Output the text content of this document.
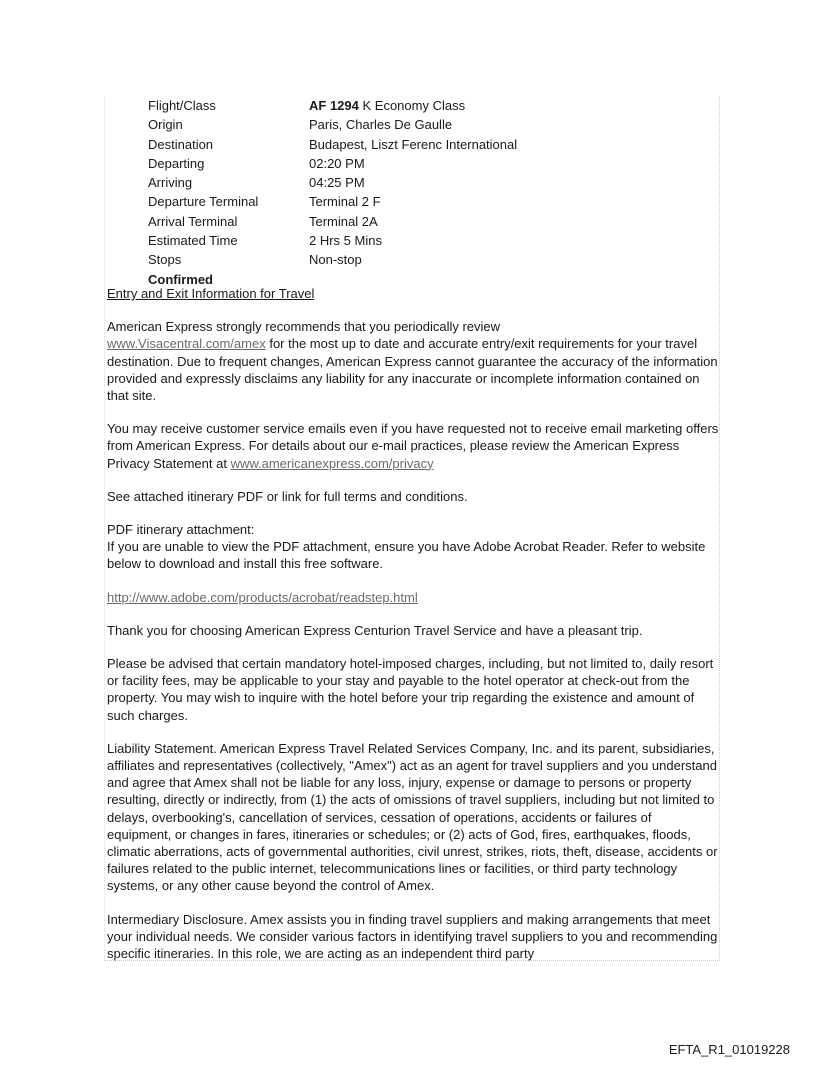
Flight/Class	AF 1294 K Economy Class
Origin	Paris, Charles De Gaulle
Destination	Budapest, Liszt Ferenc International
Departing	02:20 PM
Arriving	04:25 PM
Departure Terminal	Terminal 2 F
Arrival Terminal	Terminal 2A
Estimated Time	2 Hrs 5 Mins
Stops	Non-stop
Confirmed

Entry and Exit Information for Travel

American Express strongly recommends that you periodically review
www.Visacentral.com/amex for the most up to date and accurate entry/exit requirements for your travel destination. Due to frequent changes, American Express cannot guarantee the accuracy of the information provided and expressly disclaims any liability for any inaccurate or incomplete information contained on that site.

You may receive customer service emails even if you have requested not to receive email marketing offers from American Express. For details about our e-mail practices, please review the American Express Privacy Statement at www.americanexpress.com/privacy

See attached itinerary PDF or link for full terms and conditions.

PDF itinerary attachment:
If you are unable to view the PDF attachment, ensure you have Adobe Acrobat Reader. Refer to website below to download and install this free software.

http://www.adobe.com/products/acrobat/readstep.html

Thank you for choosing American Express Centurion Travel Service and have a pleasant trip.

Please be advised that certain mandatory hotel-imposed charges, including, but not limited to, daily resort or facility fees, may be applicable to your stay and payable to the hotel operator at check-out from the property. You may wish to inquire with the hotel before your trip regarding the existence and amount of such charges.

Liability Statement. American Express Travel Related Services Company, Inc. and its parent, subsidiaries, affiliates and representatives (collectively, "Amex") act as an agent for travel suppliers and you understand and agree that Amex shall not be liable for any loss, injury, expense or damage to persons or property resulting, directly or indirectly, from (1) the acts of omissions of travel suppliers, including but not limited to delays, overbooking's, cancellation of services, cessation of operations, accidents or failures of equipment, or changes in fares, itineraries or schedules; or (2) acts of God, fires, earthquakes, floods, climatic aberrations, acts of governmental authorities, civil unrest, strikes, riots, theft, disease, accidents or failures related to the public internet, telecommunications lines or facilities, or third party technology systems, or any other cause beyond the control of Amex.

Intermediary Disclosure. Amex assists you in finding travel suppliers and making arrangements that meet your individual needs. We consider various factors in identifying travel suppliers to you and recommending specific itineraries. In this role, we are acting as an independent third party

EFTA_R1_01019228
